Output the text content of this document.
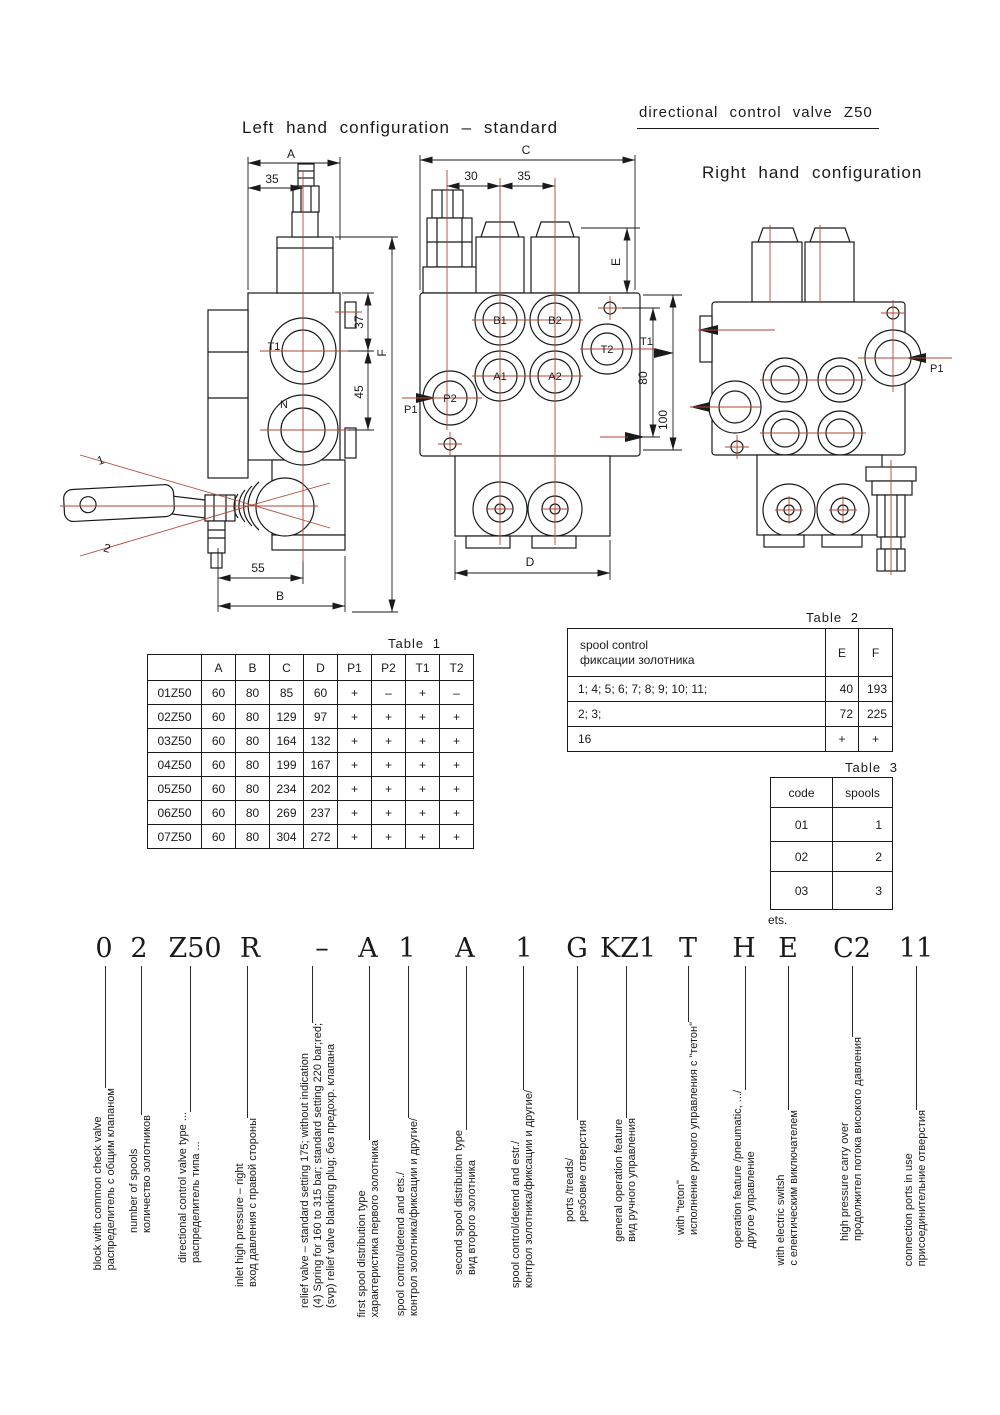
Left hand configuration – standard
directional control valve Z50
Right hand configuration
A
35
37
45
F
55
B
T1
N
1
2
C
30	35
E
80
100
D
B1	B2
T2
A1	A2
P2
P1
T1
P1
Table 1
	A	B	C	D	P1	P2	T1	T2
01Z50	60	80	85	60	+	–	+	–
02Z50	60	80	129	97	+	+	+	+
03Z50	60	80	164	132	+	+	+	+
04Z50	60	80	199	167	+	+	+	+
05Z50	60	80	234	202	+	+	+	+
06Z50	60	80	269	237	+	+	+	+
07Z50	60	80	304	272	+	+	+	+
Table 2
spool control
фиксации золотника	E	F
1; 4; 5; 6; 7; 8; 9; 10; 11;	40	193
2; 3;	72	225
16	+	+
Table 3
code	spools
01	1
02	2
03	3
ets.
0 2 Z50 R	–	A 1	A	1	G KZ1 T	H E	C2	11
block with common check valve распределитель с общим клапаном number of spools количество золотников directional control valve type ... распределитель типа ...	inlet high pressure – right вход давления с правой стороны	relief valve – standard setting 175; without indication (4) Spring for 160 to 315 bar; standard setting 220 bar;red; (svp) relief valve blanking plug; без предохр. клапана first spool distribution type характеристика первого золотника spool control/detend and ets./ контрол золотника/фиксации и другие/	second spool distribution type вид второго золотника	spool control/detend and estr./ контрол золотника/фиксации и другие/	ports /treads/ резбовие отверстия general operation feature вид ручного управления	with "teton" исполнение ручного управления с "тетон"	operation feature /pneumatic, .../ другое управление with electric switsh с електическим виключателем	high pressure carry over продолжител потока високого давления	connection ports in use присоединительние отверстия
